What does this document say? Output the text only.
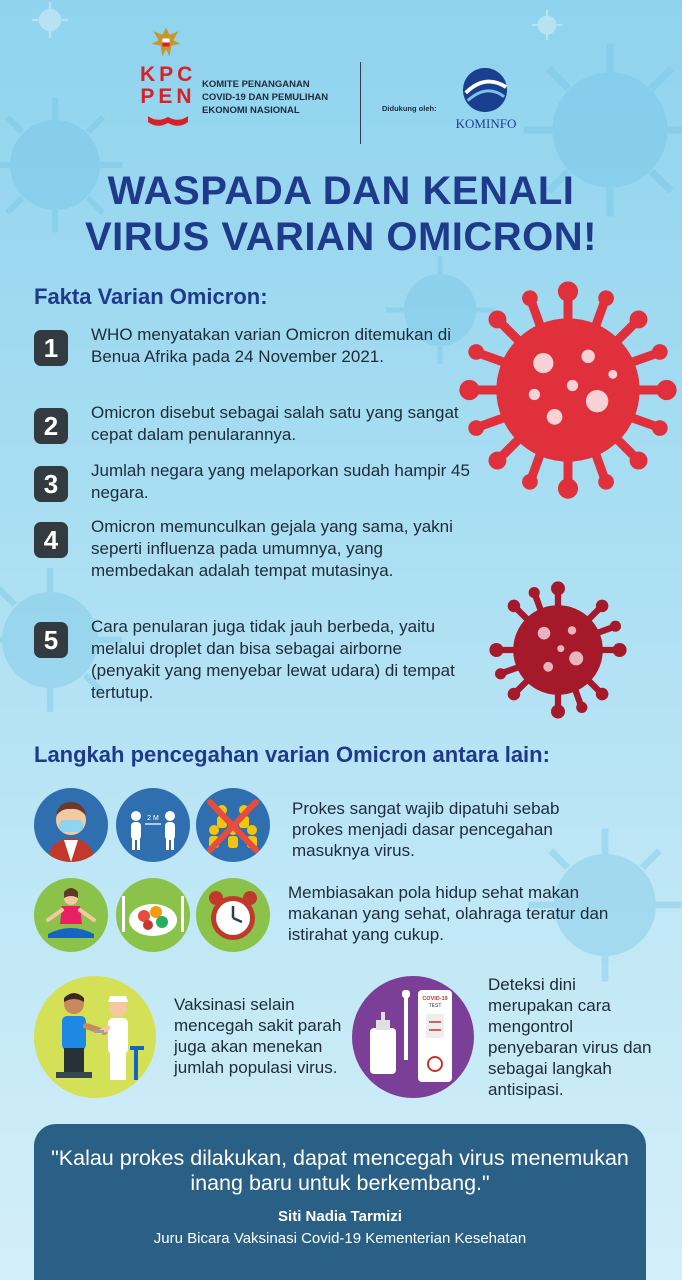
KPC
PEN
KOMITE PENANGANAN
COVID-19 DAN PEMULIHAN
EKONOMI NASIONAL	Didukung oleh:
KOMINFO
WASPADA DAN KENALI
VIRUS VARIAN OMICRON!
Fakta Varian Omicron:
1	WHO menyatakan varian Omicron ditemukan di Benua Afrika pada 24 November 2021.
2	Omicron disebut sebagai salah satu yang sangat cepat dalam penularannya.
3	Jumlah negara yang melaporkan sudah hampir 45 negara.
4	Omicron memunculkan gejala yang sama, yakni seperti influenza pada umumnya, yang membedakan adalah tempat mutasinya.
5	Cara penularan juga tidak jauh berbeda, yaitu melalui droplet dan bisa sebagai airborne (penyakit yang menyebar lewat udara) di tempat tertutup.
Langkah pencegahan varian Omicron antara lain:
2 M
Prokes sangat wajib dipatuhi sebab prokes menjadi dasar pencegahan masuknya virus.
Membiasakan pola hidup sehat makan makanan yang sehat, olahraga teratur dan istirahat yang cukup.
Vaksinasi selain mencegah sakit parah juga akan menekan jumlah populasi virus.
COVID-19
TEST
Deteksi dini merupakan cara mengontrol penyebaran virus dan sebagai langkah antisipasi.
"Kalau prokes dilakukan, dapat mencegah virus menemukan inang baru untuk berkembang."
Siti Nadia Tarmizi
Juru Bicara Vaksinasi Covid-19 Kementerian Kesehatan
